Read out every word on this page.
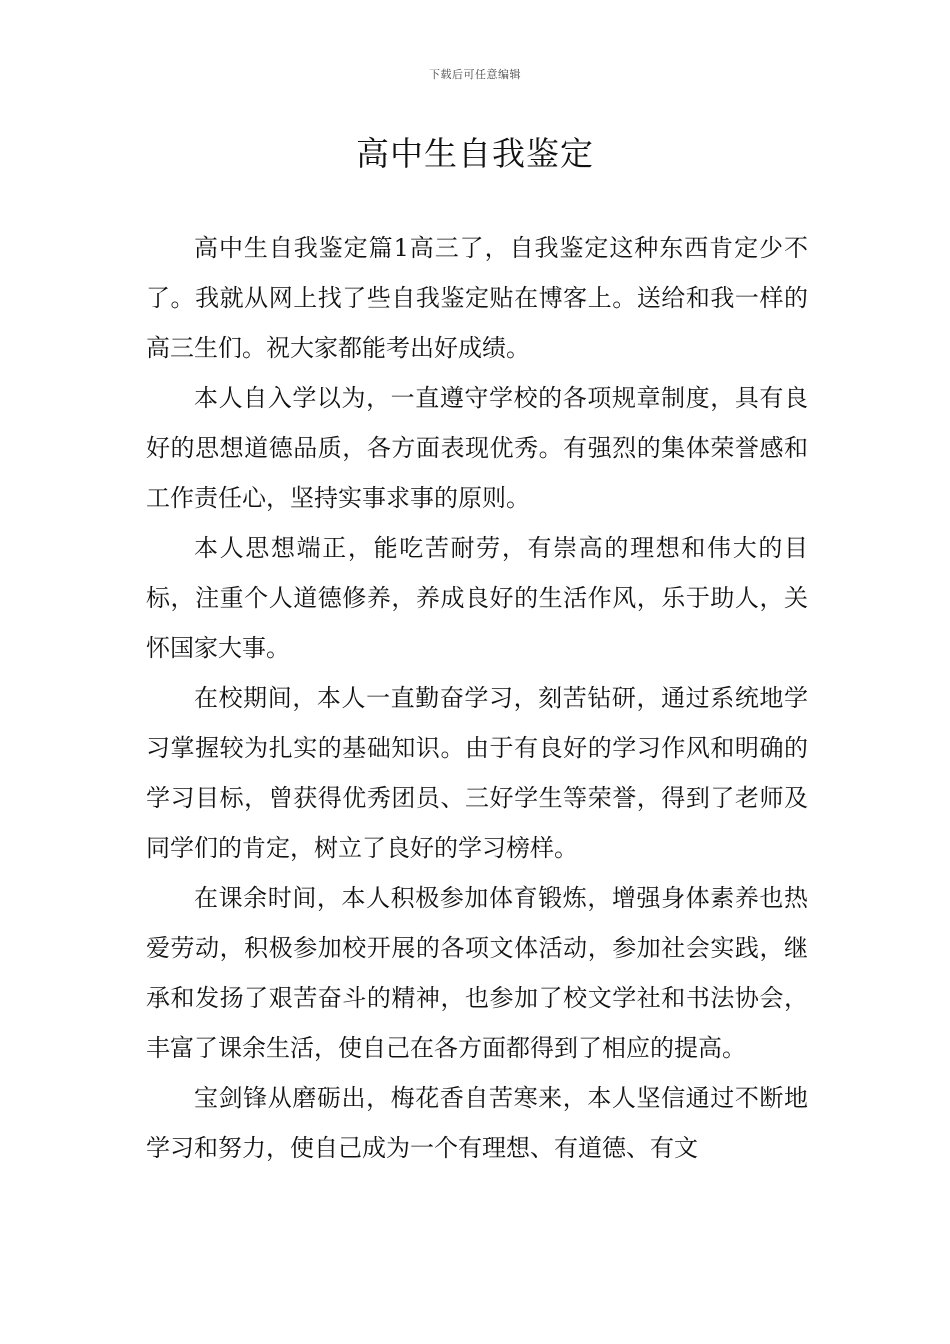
下载后可任意编辑
高中生自我鉴定

高中生自我鉴定篇1高三了，自我鉴定这种东西肯定少不了。我就从网上找了些自我鉴定贴在博客上。送给和我一样的高三生们。祝大家都能考出好成绩。

本人自入学以为，一直遵守学校的各项规章制度，具有良好的思想道德品质，各方面表现优秀。有强烈的集体荣誉感和工作责任心，坚持实事求事的原则。

本人思想端正，能吃苦耐劳，有崇高的理想和伟大的目标，注重个人道德修养，养成良好的生活作风，乐于助人，关怀国家大事。

在校期间，本人一直勤奋学习，刻苦钻研，通过系统地学习掌握较为扎实的基础知识。由于有良好的学习作风和明确的学习目标，曾获得优秀团员、三好学生等荣誉，得到了老师及同学们的肯定，树立了良好的学习榜样。

在课余时间，本人积极参加体育锻炼，增强身体素养也热爱劳动，积极参加校开展的各项文体活动，参加社会实践，继承和发扬了艰苦奋斗的精神，也参加了校文学社和书法协会，丰富了课余生活，使自己在各方面都得到了相应的提高。

宝剑锋从磨砺出，梅花香自苦寒来，本人坚信通过不断地学习和努力，使自己成为一个有理想、有道德、有文
